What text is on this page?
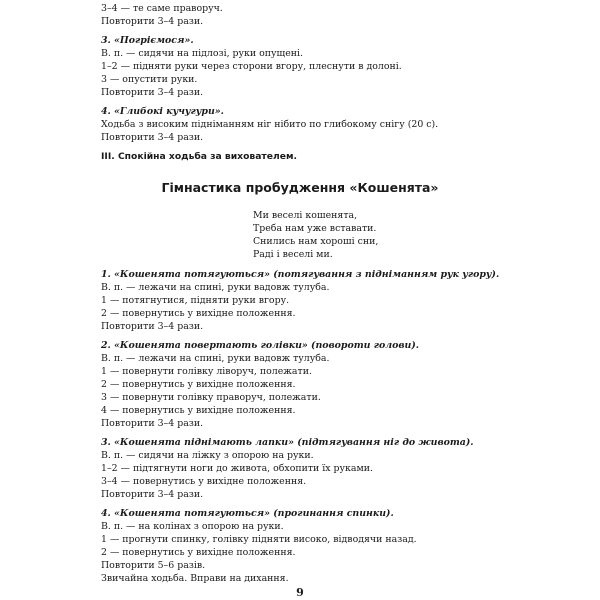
3–4 — те саме праворуч.
Повторити 3–4 рази.
3. «Погріємося».
В. п. — сидячи на підлозі, руки опущені.
1–2 — підняти руки через сторони вгору, плеснути в долоні.
3 — опустити руки.
Повторити 3–4 рази.
4. «Глибокі кучугури».
Ходьба з високим підніманням ніг нібито по глибокому снігу (20 с).
Повторити 3–4 рази.
III. Спокійна ходьба за вихователем.
Гімнастика пробудження «Кошенята»
Ми веселі кошенята,
Треба нам уже вставати.
Снились нам хороші сни,
Раді і веселі ми.
1. «Кошенята потягуються» (потягування з підніманням рук угору).
В. п. — лежачи на спині, руки вадовж тулуба.
1 — потягнутися, підняти руки вгору.
2 — повернутись у вихідне положення.
Повторити 3–4 рази.
2. «Кошенята повертають голівки» (повороти голови).
В. п. — лежачи на спині, руки вадовж тулуба.
1 — повернути голівку ліворуч, полежати.
2 — повернутись у вихідне положення.
3 — повернути голівку праворуч, полежати.
4 — повернутись у вихідне положення.
Повторити 3–4 рази.
3. «Кошенята піднімають лапки» (підтягування ніг до живота).
В. п. — сидячи на ліжку з опорою на руки.
1–2 — підтягнути ноги до живота, обхопити їх руками.
3–4 — повернутись у вихідне положення.
Повторити 3–4 рази.
4. «Кошенята потягуються» (прогинання спинки).
В. п. — на колінах з опорою на руки.
1 — прогнути спинку, голівку підняти високо, відводячи назад.
2 — повернутись у вихідне положення.
Повторити 5–6 разів.
Звичайна ходьба. Вправи на дихання.
9
